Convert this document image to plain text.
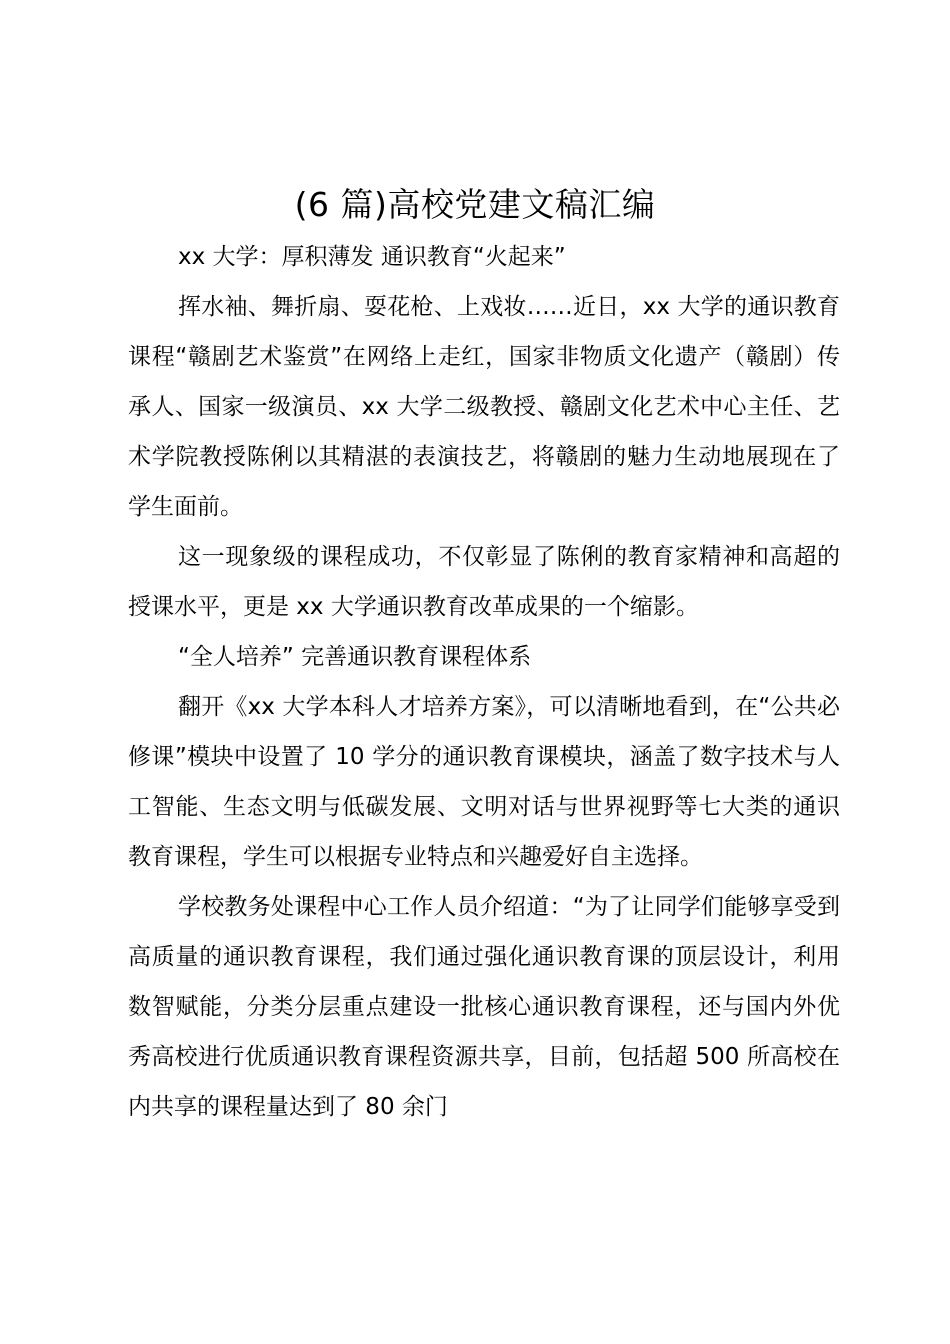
(6 篇)高校党建文稿汇编

xx 大学：厚积薄发 通识教育“火起来”

挥水袖、舞折扇、耍花枪、上戏妆……近日，xx 大学的通识教育课程“赣剧艺术鉴赏”在网络上走红，国家非物质文化遗产（赣剧）传承人、国家一级演员、xx 大学二级教授、赣剧文化艺术中心主任、艺术学院教授陈俐以其精湛的表演技艺，将赣剧的魅力生动地展现在了学生面前。

这一现象级的课程成功，不仅彰显了陈俐的教育家精神和高超的授课水平，更是 xx 大学通识教育改革成果的一个缩影。

“全人培养” 完善通识教育课程体系

翻开《xx 大学本科人才培养方案》，可以清晰地看到，在“公共必修课”模块中设置了 10 学分的通识教育课模块，涵盖了数字技术与人工智能、生态文明与低碳发展、文明对话与世界视野等七大类的通识教育课程，学生可以根据专业特点和兴趣爱好自主选择。

学校教务处课程中心工作人员介绍道：“为了让同学们能够享受到高质量的通识教育课程，我们通过强化通识教育课的顶层设计，利用数智赋能，分类分层重点建设一批核心通识教育课程，还与国内外优秀高校进行优质通识教育课程资源共享，目前，包括超 500 所高校在内共享的课程量达到了 80 余门
